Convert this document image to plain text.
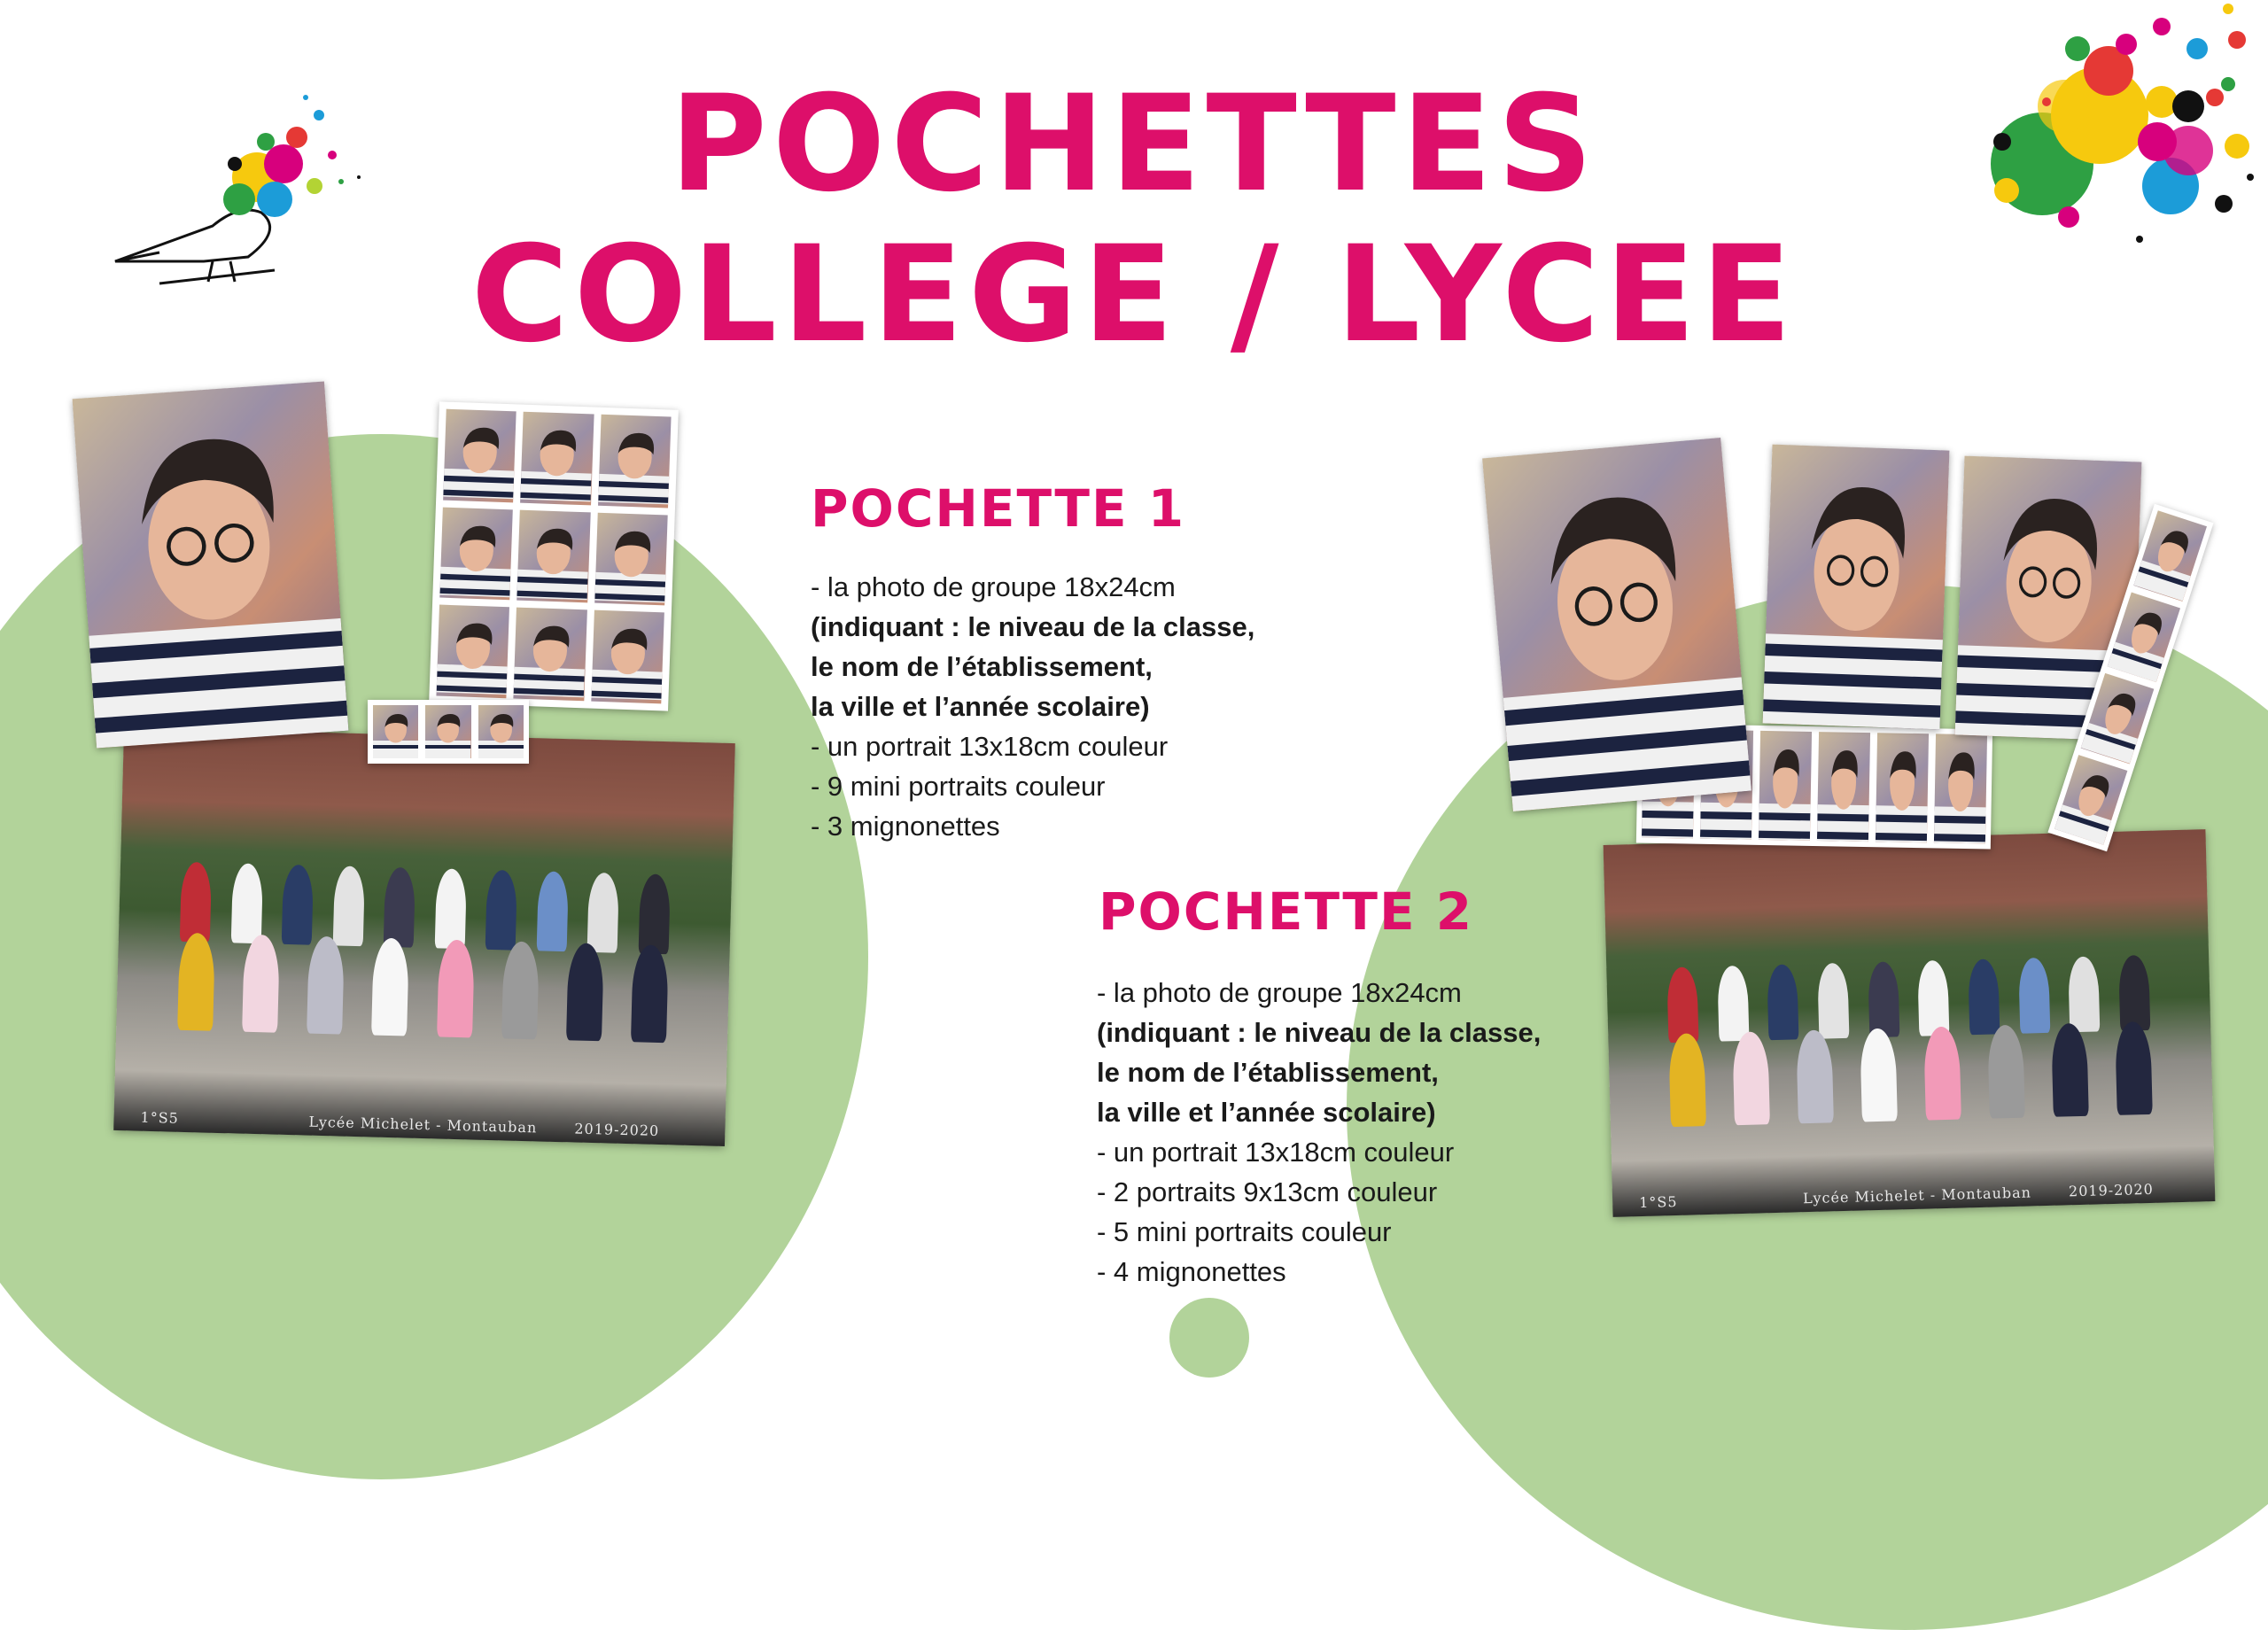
POCHETTES
COLLEGE / LYCEE
1°S5	Lycée Michelet - Montauban	2019-2020
POCHETTE 1
- la photo de groupe 18x24cm
(indiquant : le niveau de la classe,
le nom de l’établissement,
la ville et l’année scolaire)
- un portrait 13x18cm couleur
- 9 mini portraits couleur
- 3 mignonettes
POCHETTE 2
- la photo de groupe 18x24cm
(indiquant : le niveau de la classe,
le nom de l’établissement,
la ville et l’année scolaire)
- un portrait 13x18cm couleur
- 2 portraits 9x13cm couleur
- 5 mini portraits couleur
- 4 mignonettes
1°S5	Lycée Michelet - Montauban	2019-2020
